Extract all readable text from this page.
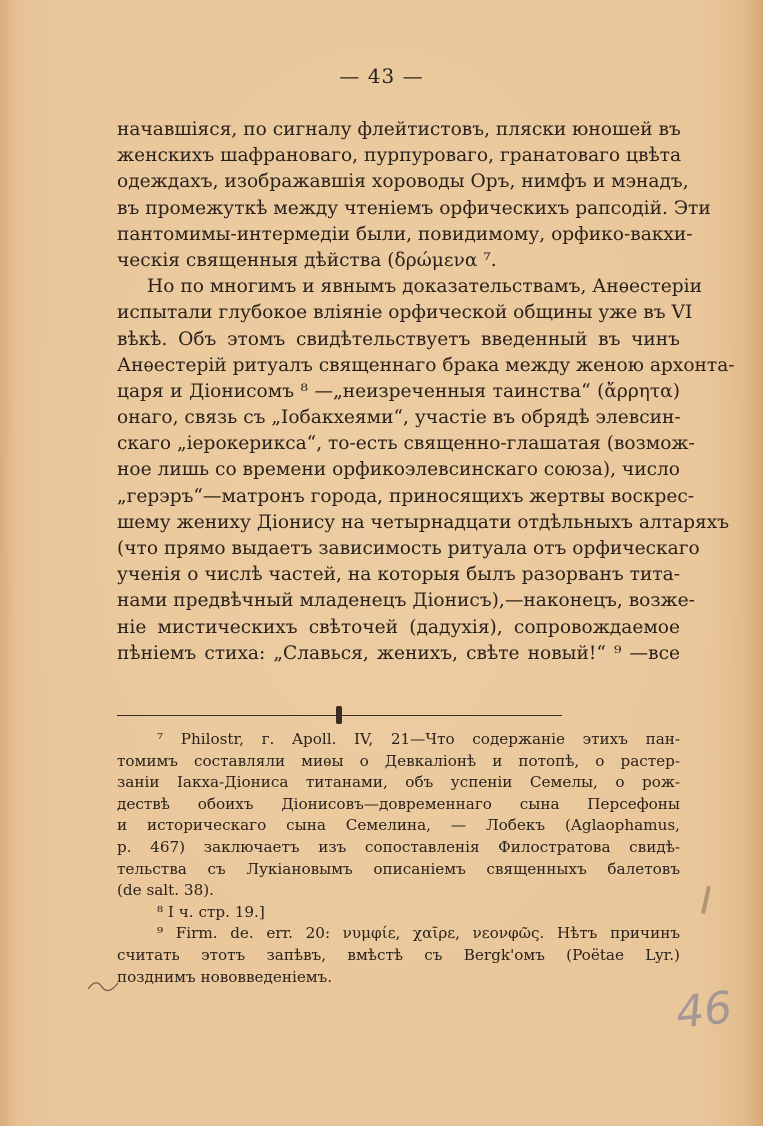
— 43 —
начавшіяся, по сигналу флейтистовъ, пляски юношей въ
женскихъ шафрановаго, пурпуроваго, гранатоваго цвѣта
одеждахъ, изображавшія хороводы Оръ, нимфъ и мэнадъ,
въ промежуткѣ между чтеніемъ орфическихъ рапсодій. Эти
пантомимы-интермедіи были, повидимому, орфико-вакхи-
ческія священныя дѣйства (δρώμενα ⁷.
Но по многимъ и явнымъ доказательствамъ, Анѳестеріи
испытали глубокое вліяніе орфической общины уже въ VI
вѣкѣ. Объ этомъ свидѣтельствуетъ введенный въ чинъ
Анѳестерій ритуалъ священнаго брака между женою архонта-
царя и Діонисомъ ⁸ —„неизреченныя таинства“ (ἄρρητα)
онаго, связь съ „Іобакхеями“, участіе въ обрядѣ элевсин-
скаго „іерокерикса“, то-есть священно-глашатая (возмож-
ное лишь со времени орфикоэлевсинскаго союза), число
„герэръ“—матронъ города, приносящихъ жертвы воскрес-
шему жениху Діонису на четырнадцати отдѣльныхъ алтаряхъ
(что прямо выдаетъ зависимость ритуала отъ орфическаго
ученія о числѣ частей, на которыя былъ разорванъ тита-
нами предвѣчный младенецъ Діонисъ),—наконецъ, возже-
ніе мистическихъ свѣточей (дадухія), сопровождаемое
пѣніемъ стиха: „Славься, женихъ, свѣте новый!“ ⁹ —все
⁷ Philostr, г. Apoll. IV, 21—Что содержаніе этихъ пан-
томимъ составляли миѳы о Девкаліонѣ и потопѣ, о растер-
заніи Іакха-Діониса титанами, объ успеніи Семелы, о рож-
дествѣ обоихъ Діонисовъ—довременнаго сына Персефоны
и историческаго сына Семелина, — Лобекъ (Aglaophamus,
p. 467) заключаетъ изъ сопоставленія Филостратова свидѣ-
тельства съ Лукіановымъ описаніемъ священныхъ балетовъ
(de salt. 38).
⁸ I ч. стр. 19.]
⁹ Firm. de. err. 20: νυμφίε, χαῖρε, νεονφῶς. Нѣтъ причинъ
считать этотъ запѣвъ, вмѣстѣ съ Bergk'омъ (Poëtae Lyr.)
позднимъ нововведеніемъ.
46
